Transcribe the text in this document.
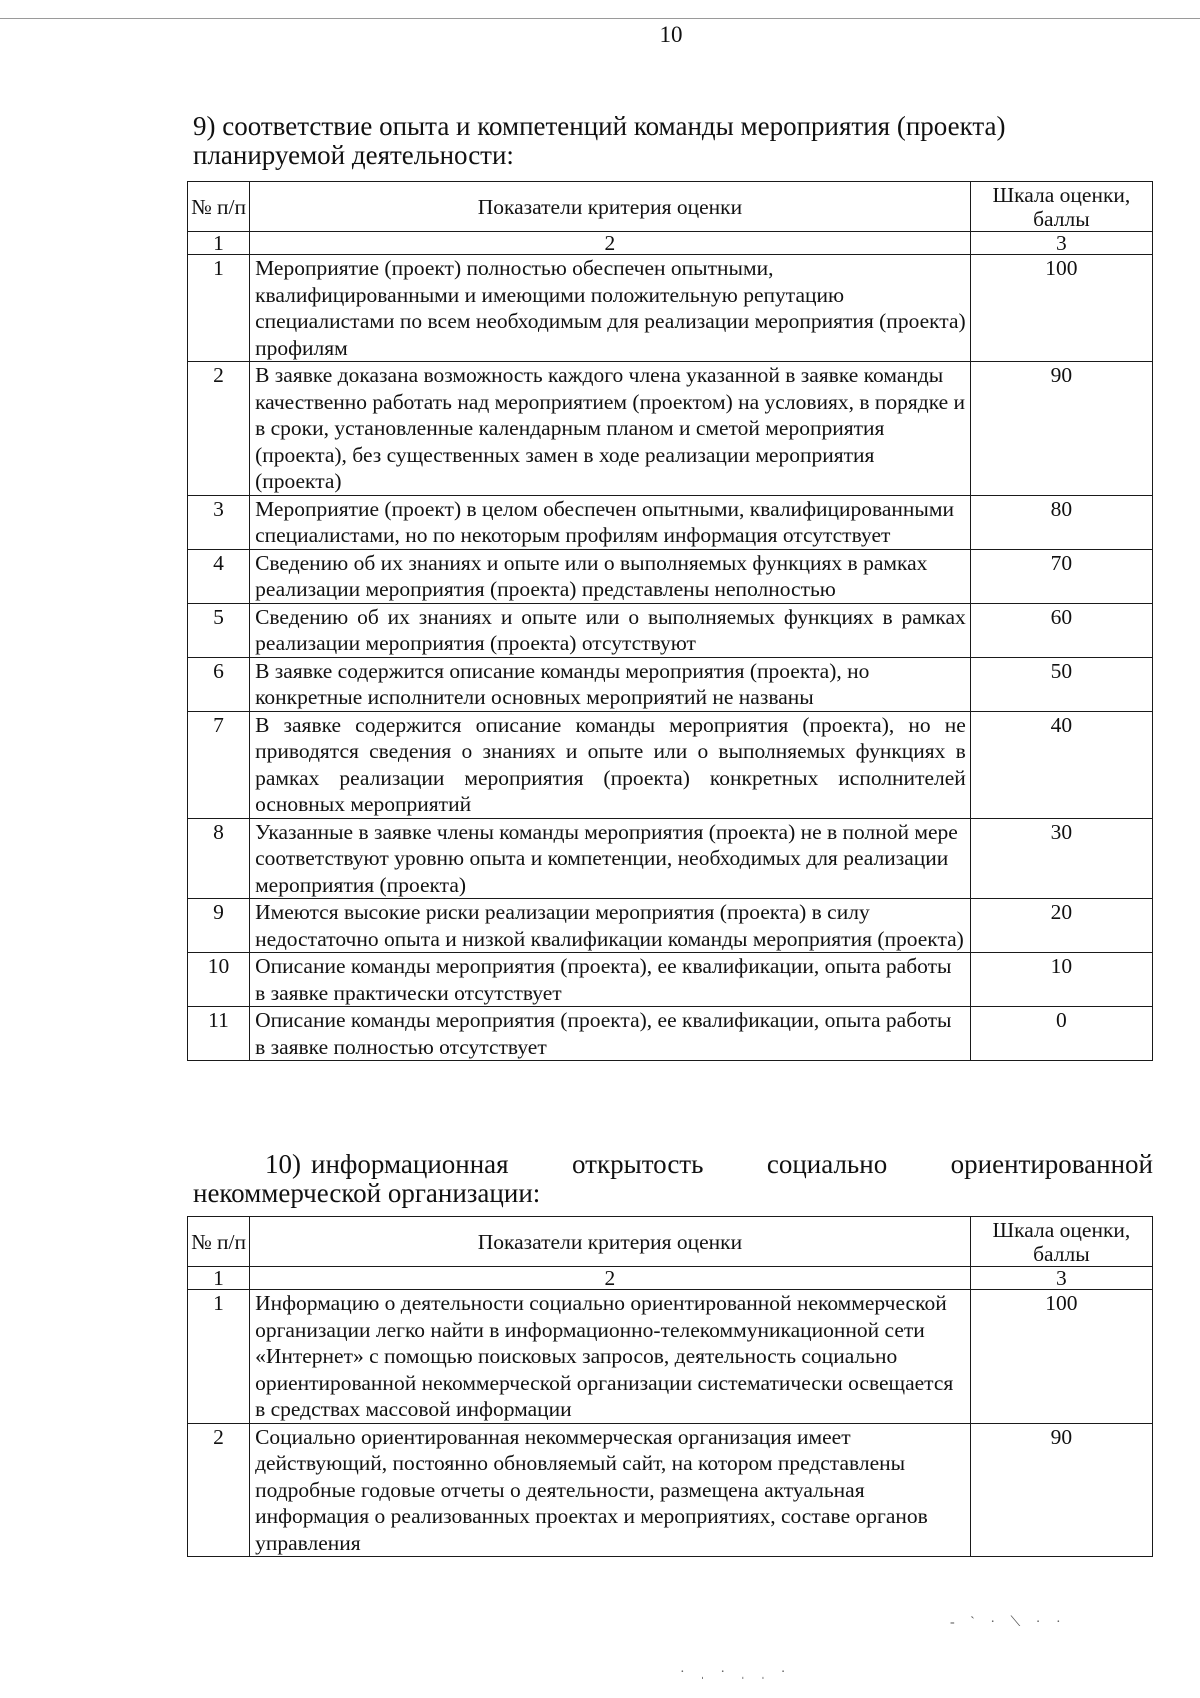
10
9) соответствие опыта и компетенций команды мероприятия (проекта)
планируемой деятельности:
№ п/п	Показатели критерия оценки	Шкала оценки, баллы
1	2	3
1	Мероприятие (проект) полностью обеспечен опытными, квалифицированными и имеющими положительную репутацию специалистами по всем необходимым для реализации мероприятия (проекта) профилям	100
2	В заявке доказана возможность каждого члена указанной в заявке команды качественно работать над мероприятием (проектом) на условиях, в порядке и в сроки, установленные календарным планом и сметой мероприятия (проекта), без существенных замен в ходе реализации мероприятия (проекта)	90
3	Мероприятие (проект) в целом обеспечен опытными, квалифицированными специалистами, но по некоторым профилям информация отсутствует	80
4	Сведению об их знаниях и опыте или о выполняемых функциях в рамках реализации мероприятия (проекта) представлены неполностью	70
5	Сведению об их знаниях и опыте или о выполняемых функциях в рамках реализации мероприятия (проекта) отсутствуют	60
6	В заявке содержится описание команды мероприятия (проекта), но конкретные исполнители основных мероприятий не названы	50
7	В заявке содержится описание команды мероприятия (проекта), но не приводятся сведения о знаниях и опыте или о выполняемых функциях в рамках реализации мероприятия (проекта) конкретных исполнителей основных мероприятий	40
8	Указанные в заявке члены команды мероприятия (проекта) не в полной мере соответствуют уровню опыта и компетенции, необходимых для реализации мероприятия (проекта)	30
9	Имеются высокие риски реализации мероприятия (проекта) в силу недостаточно опыта и низкой квалификации команды мероприятия (проекта)	20
10	Описание команды мероприятия (проекта), ее квалификации, опыта работы в заявке практически отсутствует	10
11	Описание команды мероприятия (проекта), ее квалификации, опыта работы в заявке полностью отсутствует	0
10) информационная открытость социально ориентированной
некоммерческой организации:
№ п/п	Показатели критерия оценки	Шкала оценки, баллы
1	2	3
1	Информацию о деятельности социально ориентированной некоммерческой организации легко найти в информационно-телекоммуникационной сети «Интернет» с помощью поисковых запросов, деятельность социально ориентированной некоммерческой организации систематически освещается в средствах массовой информации	100
2	Социально ориентированная некоммерческая организация имеет действующий, постоянно обновляемый сайт, на котором представлены подробные годовые отчеты о деятельности, размещена актуальная информация о реализованных проектах и мероприятиях, составе органов управления	90
‐ ˋ · ⟍ · ·
· ˌ · ˌ ˌ ·
